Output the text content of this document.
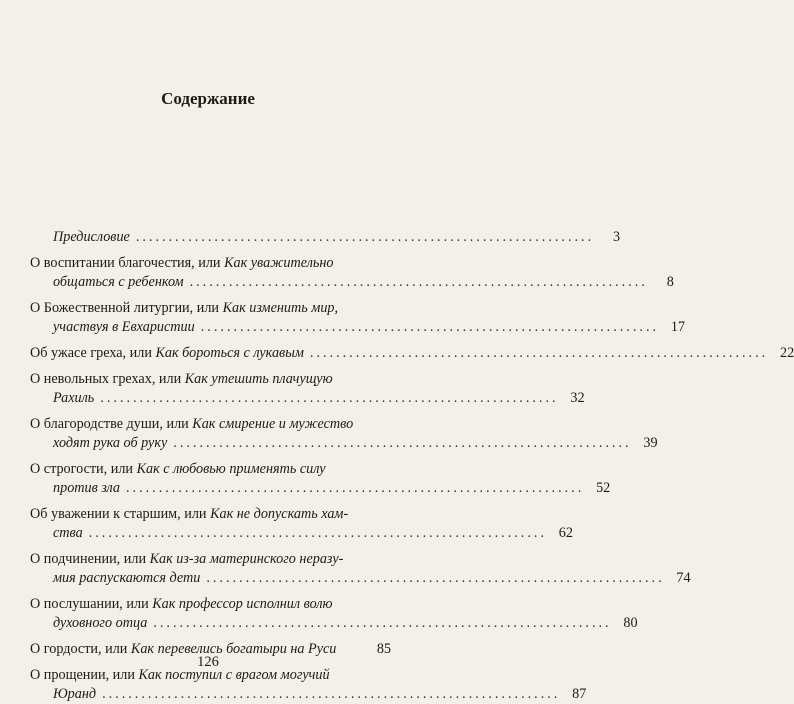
Содержание
Предисловие ......................................................................	3
О воспитании благочестия, или Как уважительно
общаться с ребенком ......................................................................	8
О Божественной литургии, или Как изменить мир,
участвуя в Евхаристии ...................................................................... 17
Об ужасе греха, или Как бороться с лукавым ...................................................................... 22
О невольных грехах, или Как утешить плачущую
Рахиль ...................................................................... 32
О благородстве души, или Как смирение и мужество
ходят рука об руку ...................................................................... 39
О строгости, или Как с любовью применять силу
против зла ...................................................................... 52
Об уважении к старшим, или Как не допускать хам-
ства ...................................................................... 62
О подчинении, или Как из-за материнского неразу-
мия распускаются дети ...................................................................... 74
О послушании, или Как профессор исполнил волю
духовного отца ...................................................................... 80
О гордости, или Как перевелись богатыри на Руси	85
О прощении, или Как поступил с врагом могучий
Юранд ...................................................................... 87
126
